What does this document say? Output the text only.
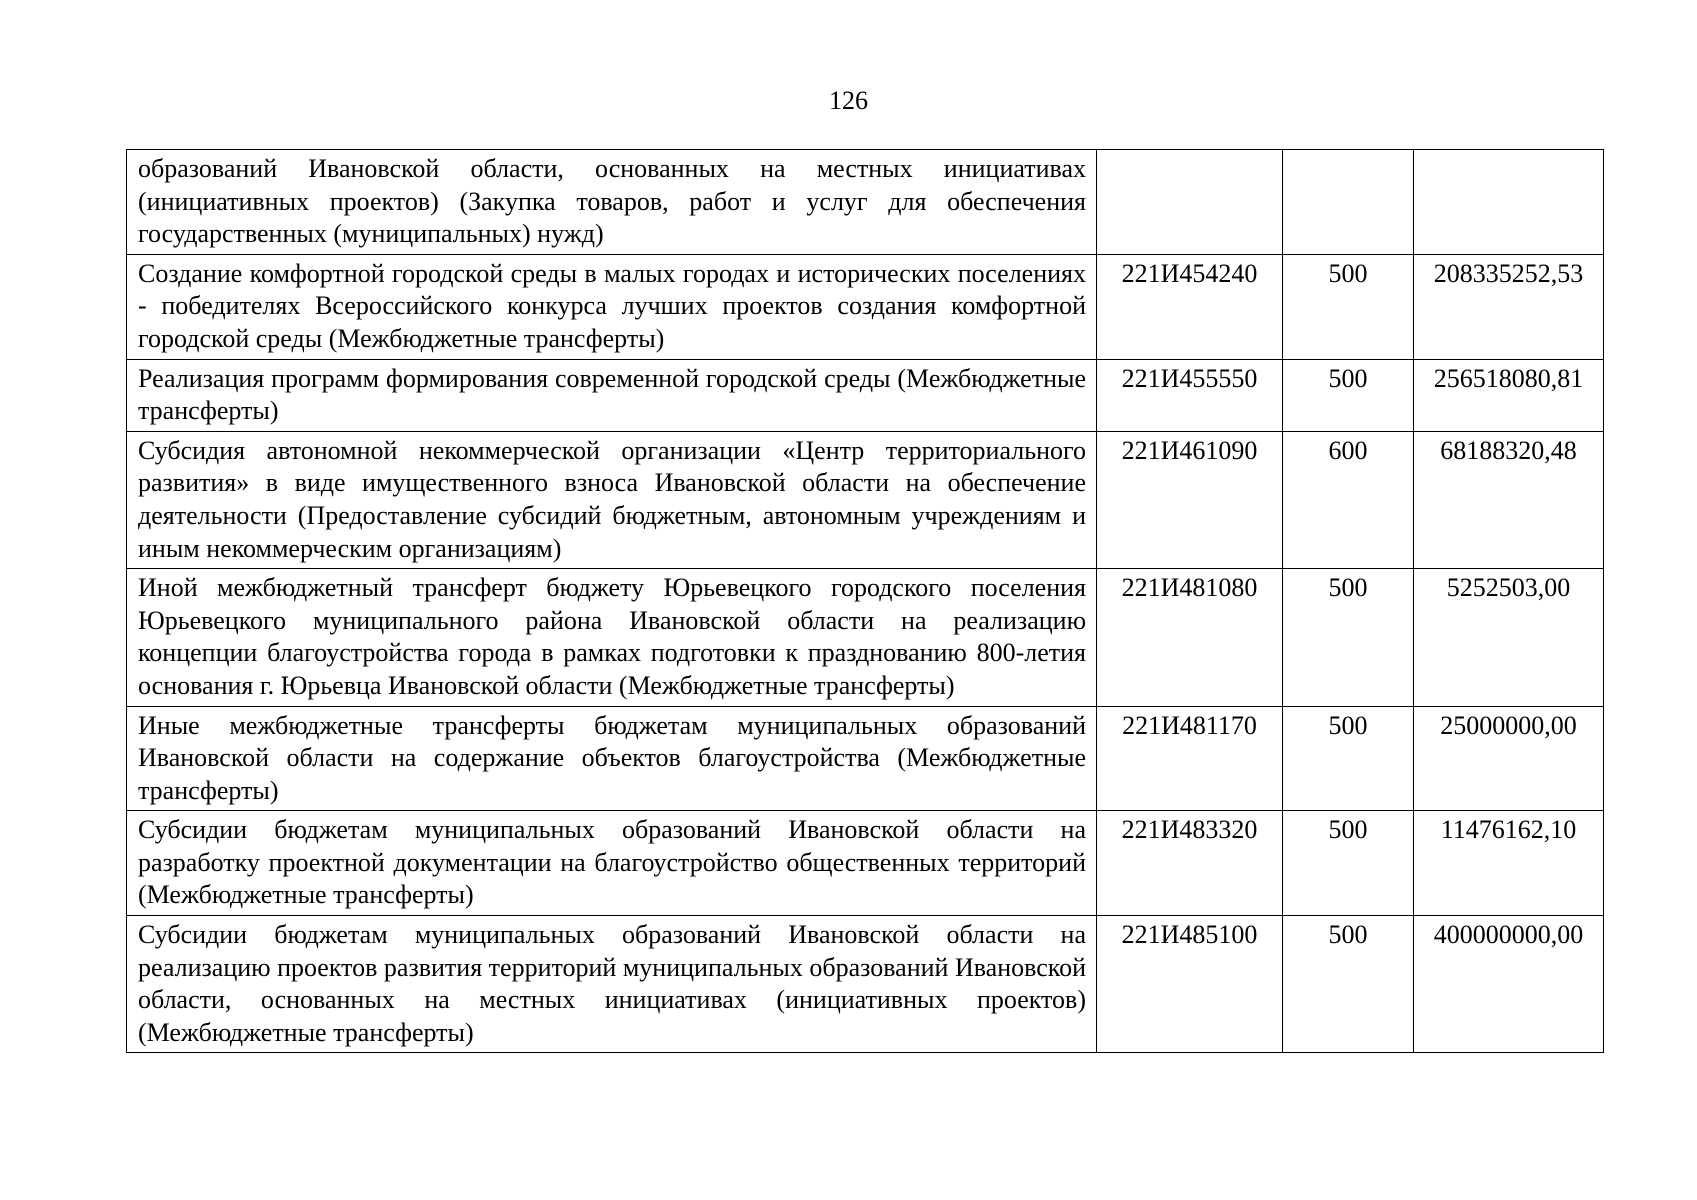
126
образований Ивановской области, основанных на местных инициативах (инициативных проектов) (Закупка товаров, работ и услуг для обеспечения государственных (муниципальных) нужд)			
Создание комфортной городской среды в малых городах и исторических поселениях - победителях Всероссийского конкурса лучших проектов создания комфортной городской среды (Межбюджетные трансферты)	221И454240	500	208335252,53
Реализация программ формирования современной городской среды (Межбюджетные трансферты)	221И455550	500	256518080,81
Субсидия автономной некоммерческой организации «Центр территориального развития» в виде имущественного взноса Ивановской области на обеспечение деятельности (Предоставление субсидий бюджетным, автономным учреждениям и иным некоммерческим организациям)	221И461090	600	68188320,48
Иной межбюджетный трансферт бюджету Юрьевецкого городского поселения Юрьевецкого муниципального района Ивановской области на реализацию концепции благоустройства города в рамках подготовки к празднованию 800-летия основания г. Юрьевца Ивановской области (Межбюджетные трансферты)	221И481080	500	5252503,00
Иные межбюджетные трансферты бюджетам муниципальных образований Ивановской области на содержание объектов благоустройства (Межбюджетные трансферты)	221И481170	500	25000000,00
Субсидии бюджетам муниципальных образований Ивановской области на разработку проектной документации на благоустройство общественных территорий (Межбюджетные трансферты)	221И483320	500	11476162,10
Субсидии бюджетам муниципальных образований Ивановской области на реализацию проектов развития территорий муниципальных образований Ивановской области, основанных на местных инициативах (инициативных проектов) (Межбюджетные трансферты)	221И485100	500	400000000,00
